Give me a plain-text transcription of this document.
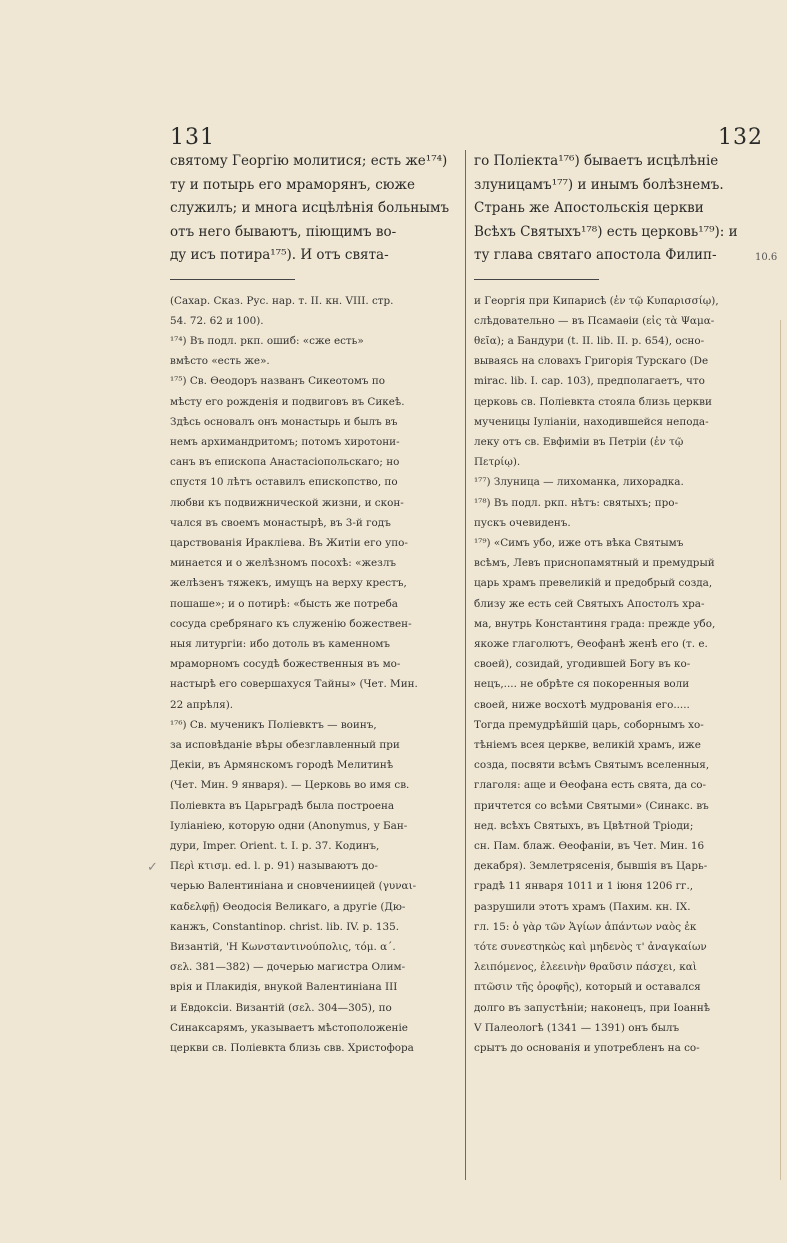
131	132
10.6
✓

святому Георгію молитися; есть же¹⁷⁴)

ту и потырь его мраморянъ, сюже

служилъ; и многа исцѣлѣнія больнымъ

отъ него бываютъ, піющимъ во-

ду исъ потира¹⁷⁵). И отъ свята-

(Сахар. Сказ. Рус. нар. т. II. кн. VIII. стр.

54. 72. 62 и 100).

¹⁷⁴) Въ подл. ркп. ошиб: «сже есть»

вмѣсто «есть же».

¹⁷⁵) Св. Ѳеодоръ названъ Сикеотомъ по

мѣсту его рожденія и подвиговъ въ Сикеѣ.

Здѣсь основалъ онъ монастырь и былъ въ

немъ архимандритомъ; потомъ хиротони-

санъ въ епископа Анастасіопольскаго; но

спустя 10 лѣтъ оставилъ епископство, по

любви къ подвижнической жизни, и скон-

чался въ своемъ монастырѣ, въ 3-й годъ

царствованія Иракліева. Въ Житіи его упо-

минается и о желѣзномъ посохѣ: «жезлъ

желѣзенъ тяжекъ, имущъ на верху крестъ,

пошаше»; и о потирѣ: «бысть же потреба

сосуда сребрянаго къ служенію божествен-

ныя литургіи: ибо дотоль въ каменномъ

мраморномъ сосудѣ божественныя въ мо-

настырѣ его совершахуся Тайны» (Чет. Мин.

22 апрѣля).

¹⁷⁶) Св. мученикъ Поліевктъ — воинъ,

за исповѣданіе вѣры обезглавленный при

Декіи, въ Армянскомъ городѣ Мелитинѣ

(Чет. Мин. 9 января). — Церковь во имя св.

Поліевкта въ Царьградѣ была построена

Іуліаніею, которую одни (Anonymus, у Бан-

дури, Imper. Orient. t. I. p. 37. Кодинъ,

Περὶ κτισμ. ed. l. p. 91) называютъ до-

черью Валентиніана и сновчениицей (γυναι-

καδελφῇ) Ѳеодосія Великаго, а другіе (Дю-

канжъ, Constantinop. christ. lib. IV. p. 135.

Византій, 'Η Κωνσταντινούπολις, τόμ. α΄.

σελ. 381—382) — дочерью магистра Олим-

врія и Плакидія, внукой Валентиніана III

и Евдоксіи. Византій (σελ. 304—305), по

Синаксарямъ, указываетъ мѣстоположеніе

церкви св. Поліевкта близь свв. Христофора

го Поліекта¹⁷⁶) бываетъ исцѣлѣніе

злуницамъ¹⁷⁷) и инымъ болѣзнемъ.

Странь же Апостольскія церкви

Всѣхъ Святыхъ¹⁷⁸) есть церковь¹⁷⁹): и

ту глава святаго апостола Филип-

и Георгія при Кипарисѣ (ἐν τῷ Κυπαρισσίῳ),

слѣдовательно — въ Псамаѳіи (εἰς τὰ Ψαμα-

θεῖα); а Бандури (t. II. lib. II. p. 654), осно-

вываясь на словахъ Григорія Турскаго (De

mirac. lib. I. cap. 103), предполагаетъ, что

церковь св. Поліевкта стояла близь церкви

мученицы Іуліаніи, находившейся непода-

леку отъ св. Евфиміи въ Петріи (ἐν τῷ

Πετρίῳ).

¹⁷⁷) Злуница — лихоманка, лихорадка.

¹⁷⁸) Въ подл. ркп. нѣтъ: святыхъ; про-

пускъ очевиденъ.

¹⁷⁹) «Симъ убо, иже отъ вѣка Святымъ

всѣмъ, Левъ приснопамятный и премудрый

царь храмъ превеликій и предобрый созда,

близу же есть сей Святыхъ Апостолъ хра-

ма, внутрь Константиня града: прежде убо,

якоже глаголютъ, Ѳеофанѣ женѣ его (т. е.

своей), созидай, угодившей Богу въ ко-

нецъ,.... не обрѣте ся покоренныя воли

своей, ниже восхотѣ мудрованія его.....

Тогда премудрѣйшій царь, соборнымъ хо-

тѣніемъ всея церкве, великій храмъ, иже

созда, посвяти всѣмъ Святымъ вселенныя,

глаголя: аще и Ѳеофана есть свята, да со-

причтется со всѣми Святыми» (Синакс. въ

нед. всѣхъ Святыхъ, въ Цвѣтной Тріоди;

сн. Пам. блаж. Ѳеофаніи, въ Чет. Мин. 16

декабря). Землетрясенія, бывшія въ Царь-

градѣ 11 января 1011 и 1 іюня 1206 гг.,

разрушили этотъ храмъ (Пахим. кн. IX.

гл. 15: ὁ γὰρ τῶν Ἁγίων ἁπάντων ναὸς ἐκ

τότε συνεστηκὼς καὶ μηδενὸς τ' ἀναγκαίων

λειπόμενος, ἐλεεινὴν θραῦσιν πάσχει, καὶ

πτῶσιν τῆς ὀροφῆς), который и оставался

долго въ запустѣніи; наконецъ, при Іоаннѣ

V Палеологѣ (1341 — 1391) онъ былъ

срытъ до основанія и употребленъ на со-
